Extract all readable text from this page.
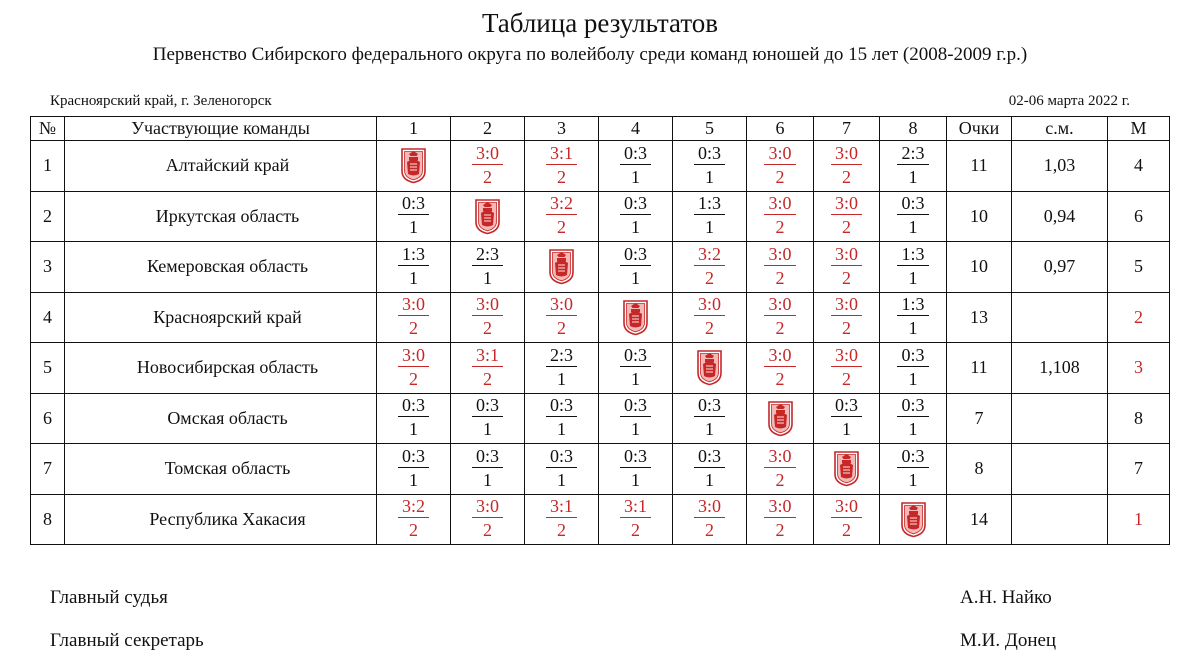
Таблица результатов
Первенство Сибирского федерального округа по волейболу среди команд юношей до 15 лет (2008-2009 г.р.)
Красноярский край, г. Зеленогорск	02-06 марта 2022 г.
№	Участвующие команды	1	2	3	4	5	6	7	8	Очки	с.м.	М
1	Алтайский край		$\frac{3:0}{2}$	$\frac{3:1}{2}$	$\frac{0:3}{1}$	$\frac{0:3}{1}$	$\frac{3:0}{2}$	$\frac{3:0}{2}$	$\frac{2:3}{1}$	11	1,03	4
2	Иркутская область	$\frac{0:3}{1}$		$\frac{3:2}{2}$	$\frac{0:3}{1}$	$\frac{1:3}{1}$	$\frac{3:0}{2}$	$\frac{3:0}{2}$	$\frac{0:3}{1}$	10	0,94	6
3	Кемеровская область	$\frac{1:3}{1}$	$\frac{2:3}{1}$		$\frac{0:3}{1}$	$\frac{3:2}{2}$	$\frac{3:0}{2}$	$\frac{3:0}{2}$	$\frac{1:3}{1}$	10	0,97	5
4	Красноярский край	$\frac{3:0}{2}$	$\frac{3:0}{2}$	$\frac{3:0}{2}$		$\frac{3:0}{2}$	$\frac{3:0}{2}$	$\frac{3:0}{2}$	$\frac{1:3}{1}$	13		2
5	Новосибирская область	$\frac{3:0}{2}$	$\frac{3:1}{2}$	$\frac{2:3}{1}$	$\frac{0:3}{1}$		$\frac{3:0}{2}$	$\frac{3:0}{2}$	$\frac{0:3}{1}$	11	1,108	3
6	Омская область	$\frac{0:3}{1}$	$\frac{0:3}{1}$	$\frac{0:3}{1}$	$\frac{0:3}{1}$	$\frac{0:3}{1}$		$\frac{0:3}{1}$	$\frac{0:3}{1}$	7		8
7	Томская область	$\frac{0:3}{1}$	$\frac{0:3}{1}$	$\frac{0:3}{1}$	$\frac{0:3}{1}$	$\frac{0:3}{1}$	$\frac{3:0}{2}$		$\frac{0:3}{1}$	8		7
8	Республика Хакасия	$\frac{3:2}{2}$	$\frac{3:0}{2}$	$\frac{3:1}{2}$	$\frac{3:1}{2}$	$\frac{3:0}{2}$	$\frac{3:0}{2}$	$\frac{3:0}{2}$		14		1
Главный судья	А.Н. Найко
Главный секретарь	М.И. Донец
